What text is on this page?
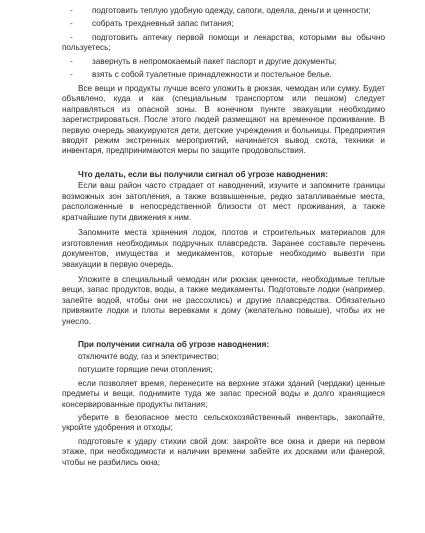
- подготовить теплую удобную одежду, сапоги, одеяла, деньги и ценности;

- собрать трехдневный запас питания;

- подготовить аптечку первой помощи и лекарства, которыми вы обычно пользуетесь;

- завернуть в непромокаемый пакет паспорт и другие документы;

- взять с собой туалетные принадлежности и постельное белье.

Все вещи и продукты лучше всего уложить в рюкзак, чемодан или сумку. Будет объявлено, куда и как (специальным транспортом или пешком) следует направляться из опасной зоны. В конечном пункте эвакуации необходимо зарегистрироваться. После этого людей размещают на временное проживание. В первую очередь эвакуируются дети, детские учреждения и больницы. Предприятия вводят режим экстренных мероприятий, начинается вывод скота, техники и инвентаря, предпринимаются меры по защите продовольствия.

Что делать, если вы получили сигнал об угрозе наводнения:

Если ваш район часто страдает от наводнений, изучите и запомните границы возможных зон затопления, а также возвышенные, редко затапливаемые места, расположенные в непосредственной близости от мест проживания, а также кратчайшие пути движения к ним.

Запомните места хранения лодок, плотов и строительных материалов для изготовления необходимых подручных плавсредств. Заранее составьте перечень документов, имущества и медикаментов, которые необходимо вывезти при эвакуации в первую очередь.

Уложите в специальный чемодан или рюкзак ценности, необходимые теплые вещи, запас продуктов, воды, а также медикаменты. Подготовьте лодки (например, залейте водой, чтобы они не рассохлись) и другие плавсредства. Обязательно привяжите лодки и плоты веревками к дому (желательно повыше), чтобы их не унесло.

При получении сигнала об угрозе наводнения:

отключите воду, газ и электричество;

потушите горящие печи отопления;

если позволяет время, перенесите на верхние этажи зданий (чердаки) ценные предметы и вещи, поднимите туда же запас пресной воды и долго хранящиеся консервированные продукты питания;

уберите в безопасное место сельскохозяйственный инвентарь, закопайте, укройте удобрения и отходы;

подготовьте к удару стихии свой дом: закройте все окна и двери на первом этаже, при необходимости и наличии времени забейте их досками или фанерой, чтобы не разбились окна;
